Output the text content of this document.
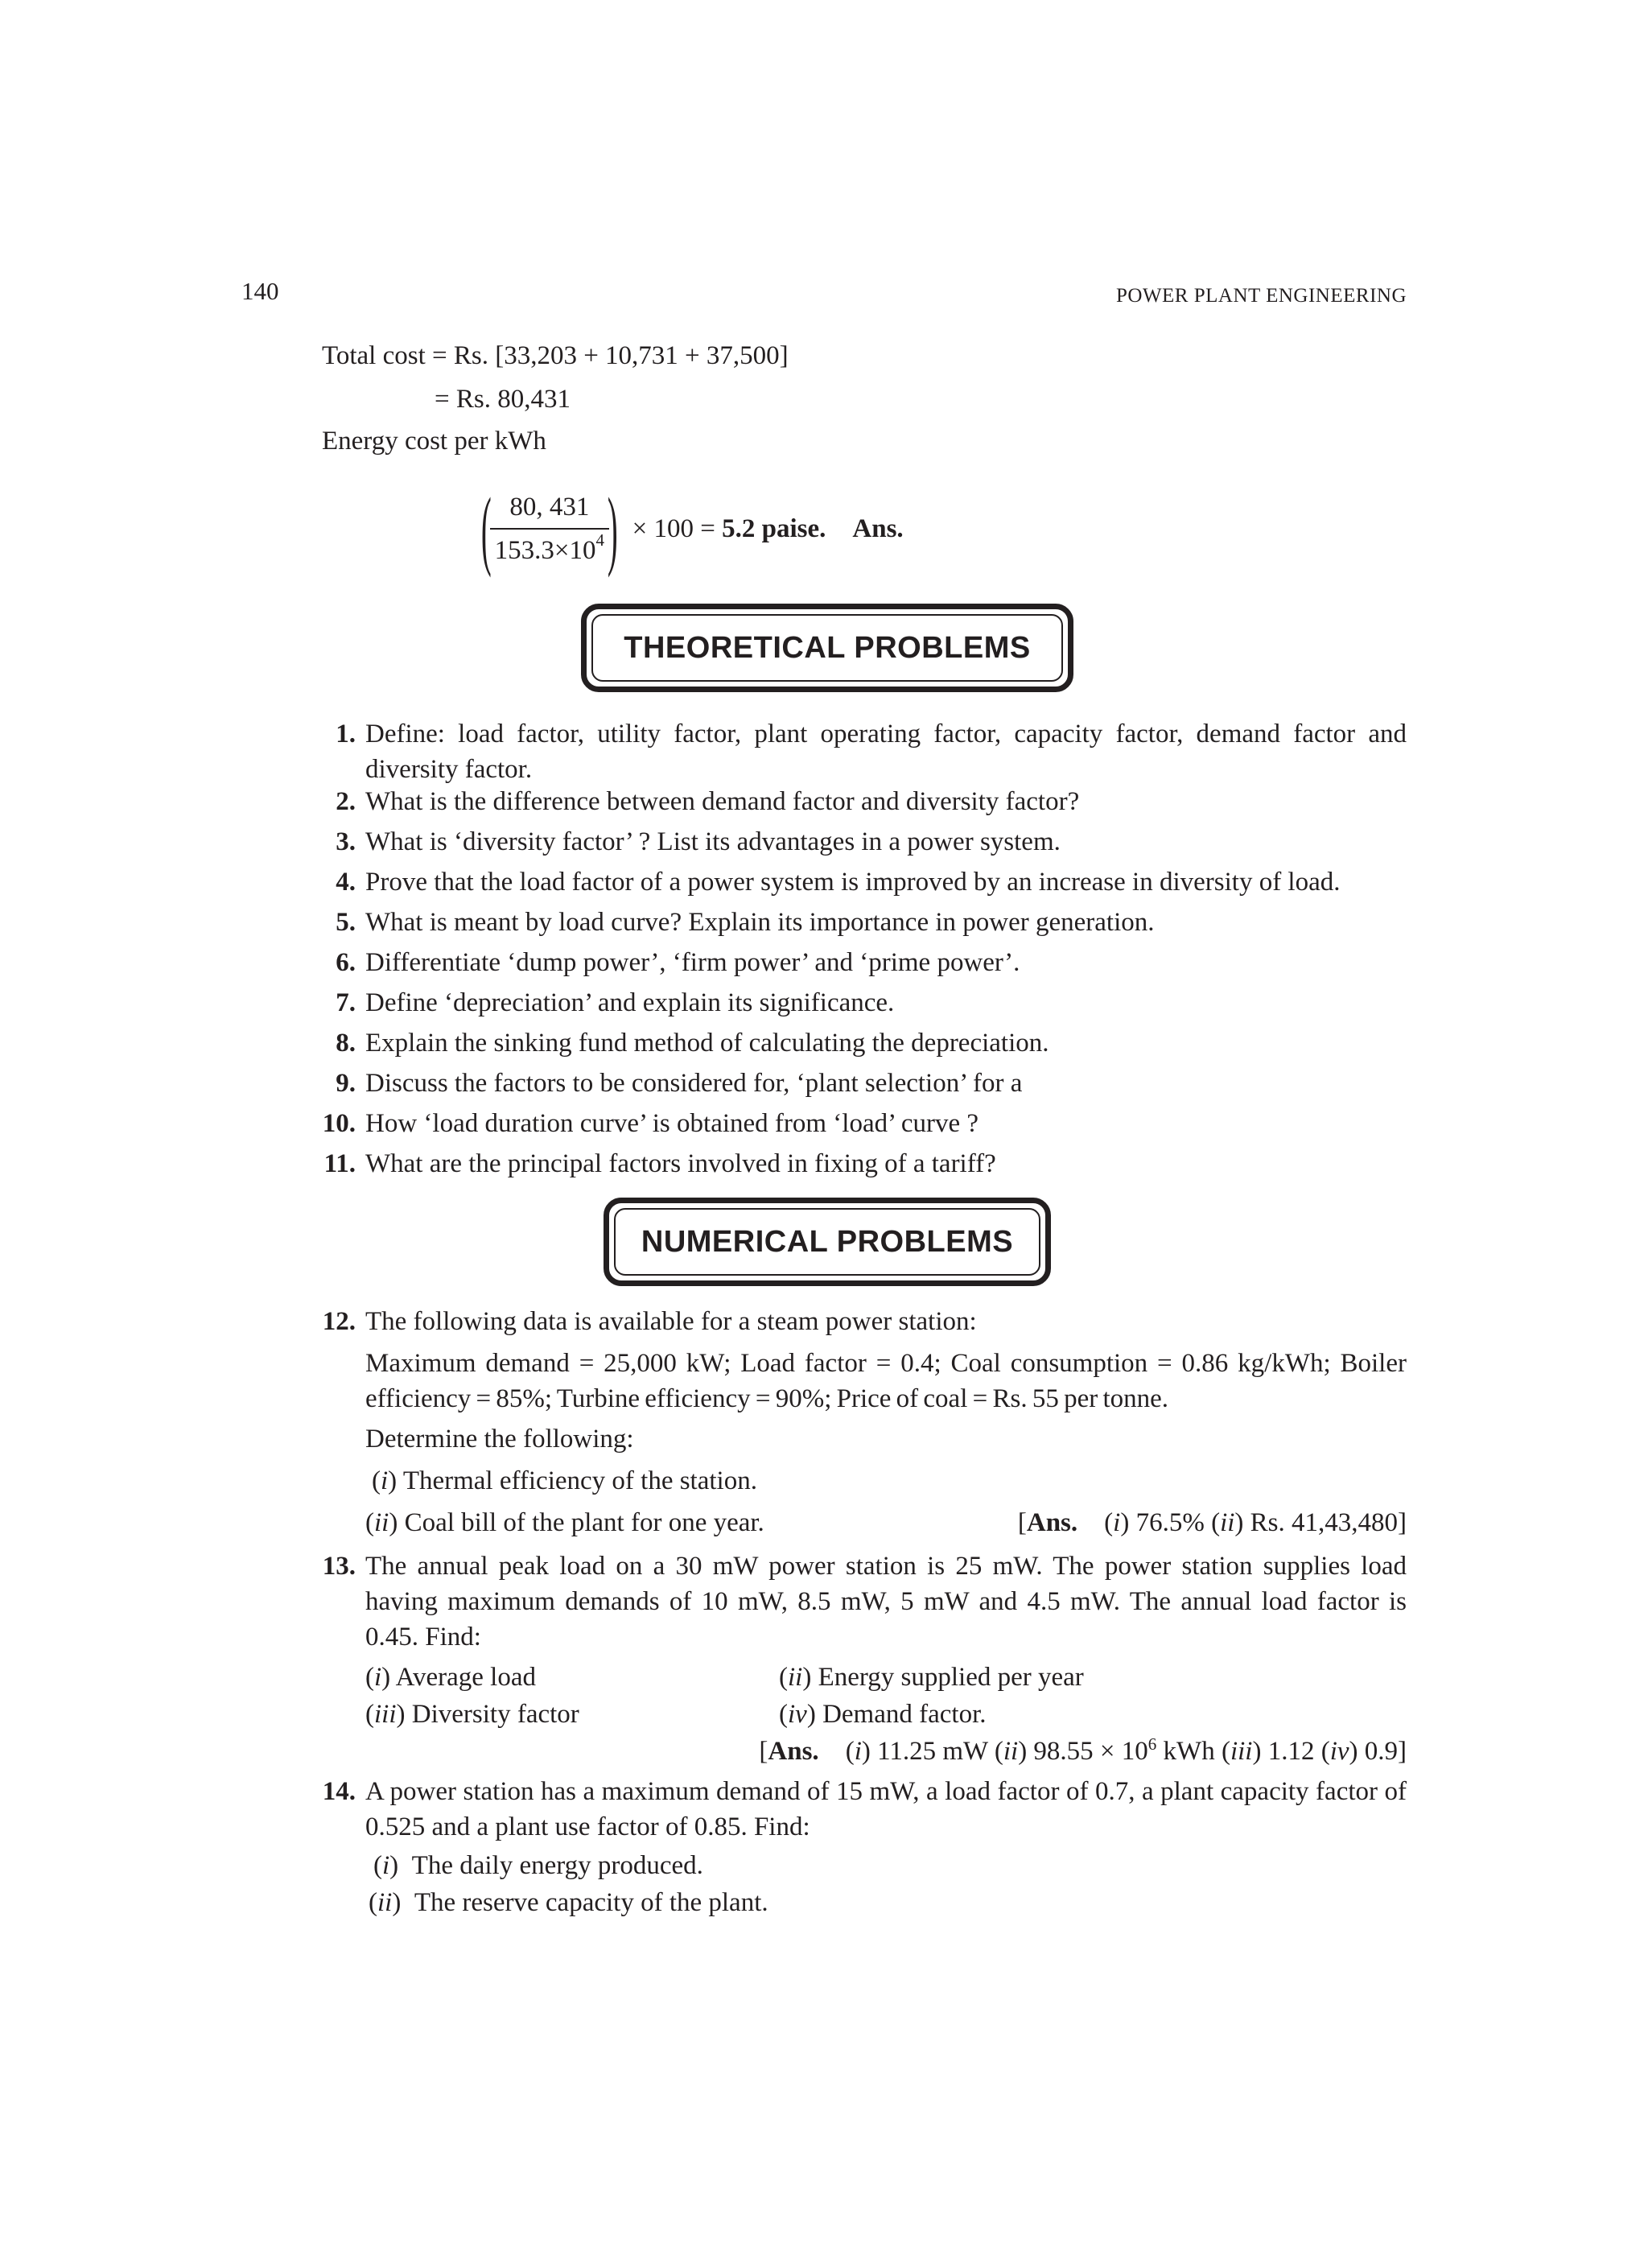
140	POWER PLANT ENGINEERING
Total cost = Rs. [33,203 + 10,731 + 37,500]
= Rs. 80,431
Energy cost per kWh
(
$\frac{80, 431}{153.3\times 10^4}$
) × 100 = 5.2 paise. Ans.
THEORETICAL PROBLEMS
1. Define: load factor, utility factor, plant operating factor, capacity factor, demand factor and diversity factor.
2. What is the difference between demand factor and diversity factor?
3. What is ‘diversity factor’ ? List its advantages in a power system.
4. Prove that the load factor of a power system is improved by an increase in diversity of load.
5. What is meant by load curve? Explain its importance in power generation.
6. Differentiate ‘dump power’, ‘firm power’ and ‘prime power’.
7. Define ‘depreciation’ and explain its significance.
8. Explain the sinking fund method of calculating the depreciation.
9. Discuss the factors to be considered for, ‘plant selection’ for a
10. How ‘load duration curve’ is obtained from ‘load’ curve ?
11. What are the principal factors involved in fixing of a tariff?
NUMERICAL PROBLEMS
12. The following data is available for a steam power station:
Maximum demand = 25,000 kW; Load factor = 0.4; Coal consumption = 0.86 kg/kWh; Boiler efficiency = 85%; Turbine efficiency = 90%; Price of coal = Rs. 55 per tonne.
Determine the following:
(i) Thermal efficiency of the station.
(ii) Coal bill of the plant for one year.	[Ans.    (i) 76.5% (ii) Rs. 41,43,480]
13. The annual peak load on a 30 mW power station is 25 mW. The power station supplies load having maximum demands of 10 mW, 8.5 mW, 5 mW and 4.5 mW. The annual load factor is 0.45. Find:
(i) Average load	(ii) Energy supplied per year
(iii) Diversity factor	(iv) Demand factor.
[Ans.    (i) 11.25 mW (ii) $98.55 \times 10^6$ kWh (iii) 1.12 (iv) 0.9]
14. A power station has a maximum demand of 15 mW, a load factor of 0.7, a plant capacity factor of 0.525 and a plant use factor of 0.85. Find:
(i)  The daily energy produced.
(ii)  The reserve capacity of the plant.
